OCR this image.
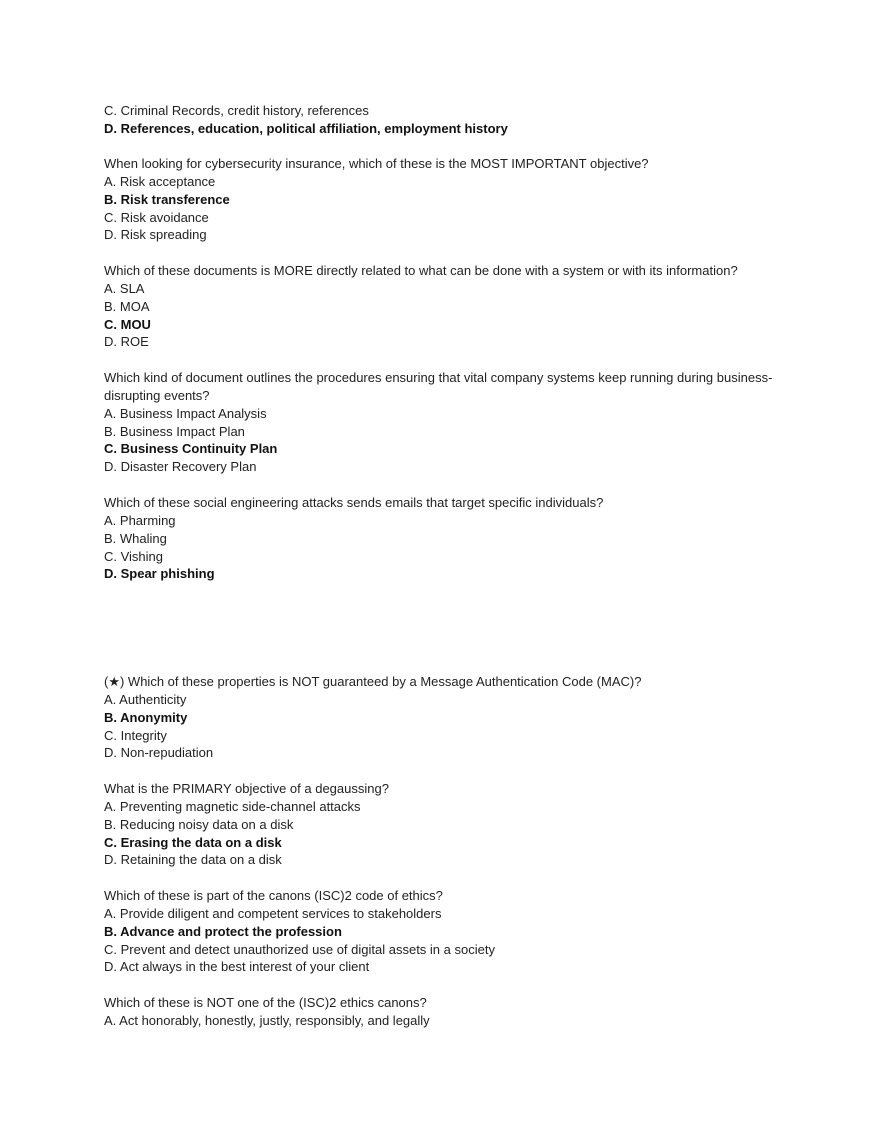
C. Criminal Records, credit history, references
D. References, education, political affiliation, employment history
When looking for cybersecurity insurance, which of these is the MOST IMPORTANT objective?
A. Risk acceptance
B. Risk transference
C. Risk avoidance
D. Risk spreading
Which of these documents is MORE directly related to what can be done with a system or with its information?
A. SLA
B. MOA
C. MOU
D. ROE
Which kind of document outlines the procedures ensuring that vital company systems keep running during business-
disrupting events?
A. Business Impact Analysis
B. Business Impact Plan
C. Business Continuity Plan
D. Disaster Recovery Plan
Which of these social engineering attacks sends emails that target specific individuals?
A. Pharming
B. Whaling
C. Vishing
D. Spear phishing
(★) Which of these properties is NOT guaranteed by a Message Authentication Code (MAC)?
A. Authenticity
B. Anonymity
C. Integrity
D. Non-repudiation
What is the PRIMARY objective of a degaussing?
A. Preventing magnetic side-channel attacks
B. Reducing noisy data on a disk
C. Erasing the data on a disk
D. Retaining the data on a disk
Which of these is part of the canons (ISC)2 code of ethics?
A. Provide diligent and competent services to stakeholders
B. Advance and protect the profession
C. Prevent and detect unauthorized use of digital assets in a society
D. Act always in the best interest of your client
Which of these is NOT one of the (ISC)2 ethics canons?
A. Act honorably, honestly, justly, responsibly, and legally
